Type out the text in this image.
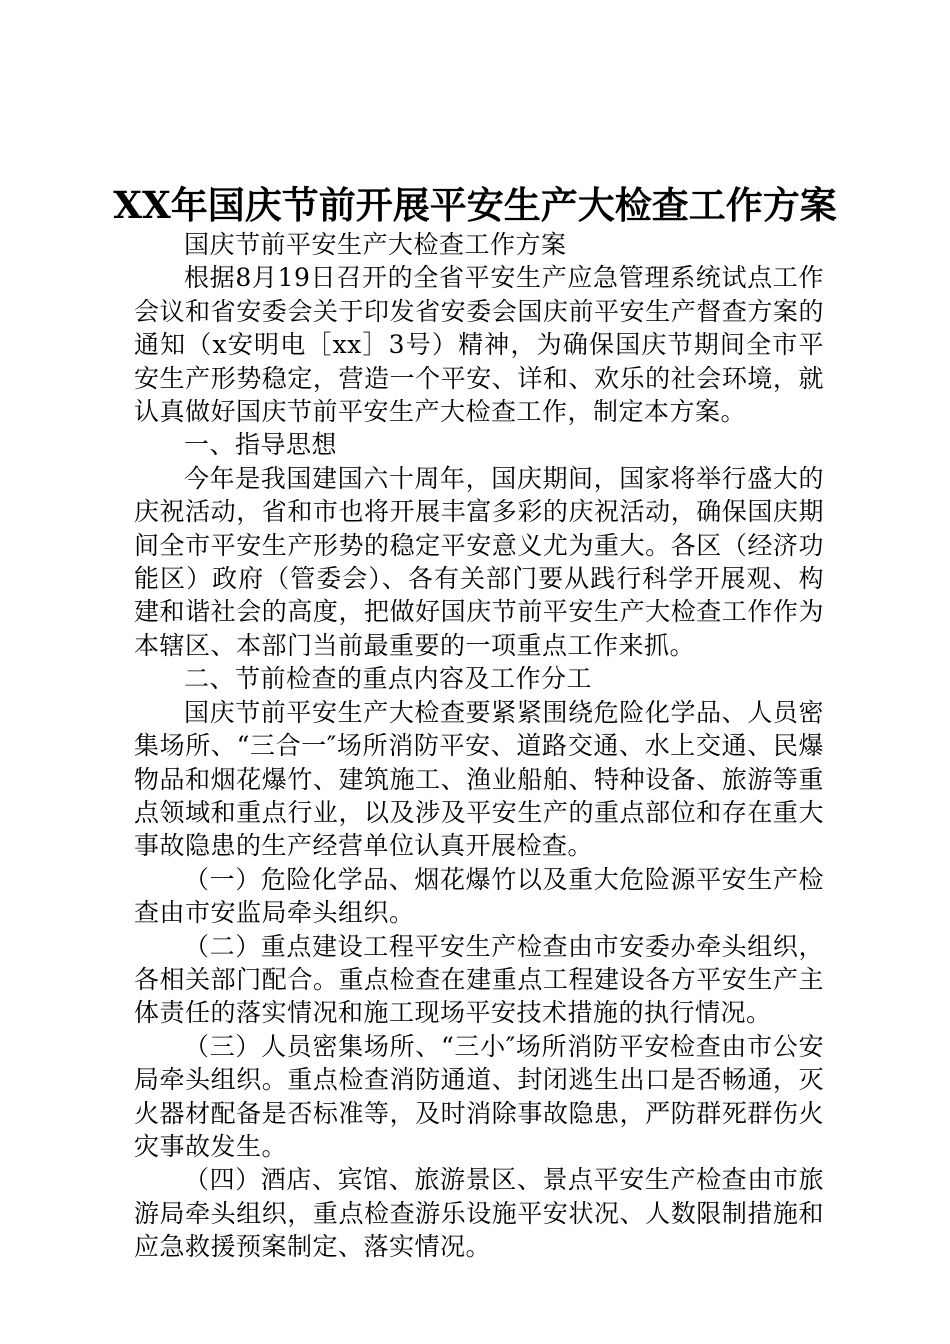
XX年国庆节前开展平安生产大检查工作方案

国庆节前平安生产大检查工作方案

根据8月19日召开的全省平安生产应急管理系统试点工作会议和省安委会关于印发省安委会国庆前平安生产督查方案的通知（x安明电［xx］3号）精神，为确保国庆节期间全市平安生产形势稳定，营造一个平安、详和、欢乐的社会环境，就认真做好国庆节前平安生产大检查工作，制定本方案。

一、指导思想

今年是我国建国六十周年，国庆期间，国家将举行盛大的庆祝活动，省和市也将开展丰富多彩的庆祝活动，确保国庆期间全市平安生产形势的稳定平安意义尤为重大。各区（经济功能区）政府（管委会）、各有关部门要从践行科学开展观、构建和谐社会的高度，把做好国庆节前平安生产大检查工作作为本辖区、本部门当前最重要的一项重点工作来抓。

二、节前检查的重点内容及工作分工

国庆节前平安生产大检查要紧紧围绕危险化学品、人员密集场所、“三合一″场所消防平安、道路交通、水上交通、民爆物品和烟花爆竹、建筑施工、渔业船舶、特种设备、旅游等重点领域和重点行业，以及涉及平安生产的重点部位和存在重大事故隐患的生产经营单位认真开展检查。

（一）危险化学品、烟花爆竹以及重大危险源平安生产检查由市安监局牵头组织。

（二）重点建设工程平安生产检查由市安委办牵头组织，各相关部门配合。重点检查在建重点工程建设各方平安生产主体责任的落实情况和施工现场平安技术措施的执行情况。

（三）人员密集场所、“三小″场所消防平安检查由市公安局牵头组织。重点检查消防通道、封闭逃生出口是否畅通，灭火器材配备是否标准等，及时消除事故隐患，严防群死群伤火灾事故发生。

（四）酒店、宾馆、旅游景区、景点平安生产检查由市旅游局牵头组织，重点检查游乐设施平安状况、人数限制措施和应急救援预案制定、落实情况。
